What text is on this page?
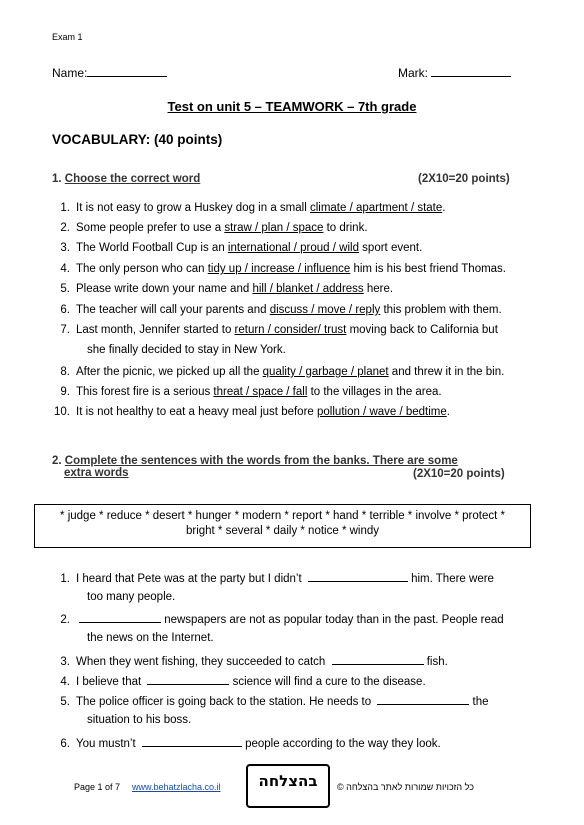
Exam 1
Name:	Mark:
Test on unit 5 – TEAMWORK – 7th grade
VOCABULARY: (40 points)
1. Choose the correct word	(2X10=20 points)
1. It is not easy to grow a Huskey dog in a small climate / apartment / state.
2. Some people prefer to use a straw / plan / space to drink.
3. The World Football Cup is an international / proud / wild sport event.
4. The only person who can tidy up / increase / influence him is his best friend Thomas.
5. Please write down your name and hill / blanket / address here.
6. The teacher will call your parents and discuss / move / reply this problem with them.
7. Last month, Jennifer started to return / consider/ trust moving back to California but
she finally decided to stay in New York.
8. After the picnic, we picked up all the quality / garbage / planet and threw it in the bin.
9. This forest fire is a serious threat / space / fall to the villages in the area.
10. It is not healthy to eat a heavy meal just before pollution / wave / bedtime.
2. Complete the sentences with the words from the banks. There are some
extra words	(2X10=20 points)
* judge * reduce * desert * hunger * modern * report * hand * terrible * involve * protect *
bright * several * daily * notice * windy
1. I heard that Pete was at the party but I didn’t	him. There were
too many people.
2.	newspapers are not as popular today than in the past. People read
the news on the Internet.
3. When they went fishing, they succeeded to catch	fish.
4. I believe that	science will find a cure to the disease.
5. The police officer is going back to the station. He needs to	the
situation to his boss.
6. You mustn’t	people according to the way they look.
Page 1 of 7 www.behatzlacha.co.il	בהצלחה	כל הזכויות שמורות לאתר בהצלחה ©
